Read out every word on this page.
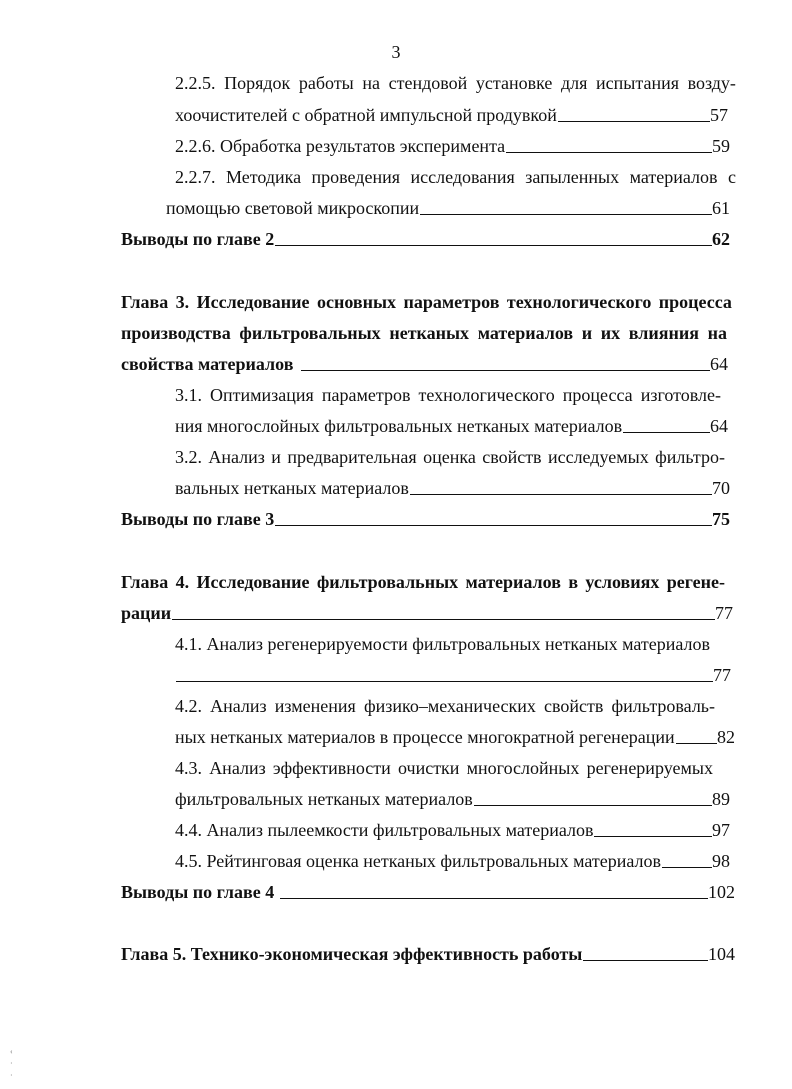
3
2.2.5. Порядок работы на стендовой установке для испытания возду-
хоочистителей с обратной импульсной продувкой	57
2.2.6. Обработка результатов эксперимента	59
2.2.7. Методика проведения исследования запыленных материалов с
помощью световой микроскопии	61
Выводы по главе 2	62
Глава 3. Исследование основных параметров технологического процесса
производства фильтровальных нетканых материалов и их влияния на
свойства материалов	64
3.1. Оптимизация параметров технологического процесса изготовле-
ния многослойных фильтровальных нетканых материалов	64
3.2. Анализ и предварительная оценка свойств исследуемых фильтро-
вальных нетканых материалов	70
Выводы по главе 3	75
Глава 4. Исследование фильтровальных материалов в условиях регене-
рации	77
4.1. Анализ регенерируемости фильтровальных нетканых материалов
77
4.2. Анализ изменения физико–механических свойств фильтроваль-
ных нетканых материалов в процессе многократной регенерации 82
4.3. Анализ эффективности очистки многослойных регенерируемых
фильтровальных нетканых материалов	89
4.4. Анализ пылеемкости фильтровальных материалов	97
4.5. Рейтинговая оценка нетканых фильтровальных материалов	98
Выводы по главе 4	102
Глава 5. Технико-экономическая эффективность работы	104
‹
·
·
